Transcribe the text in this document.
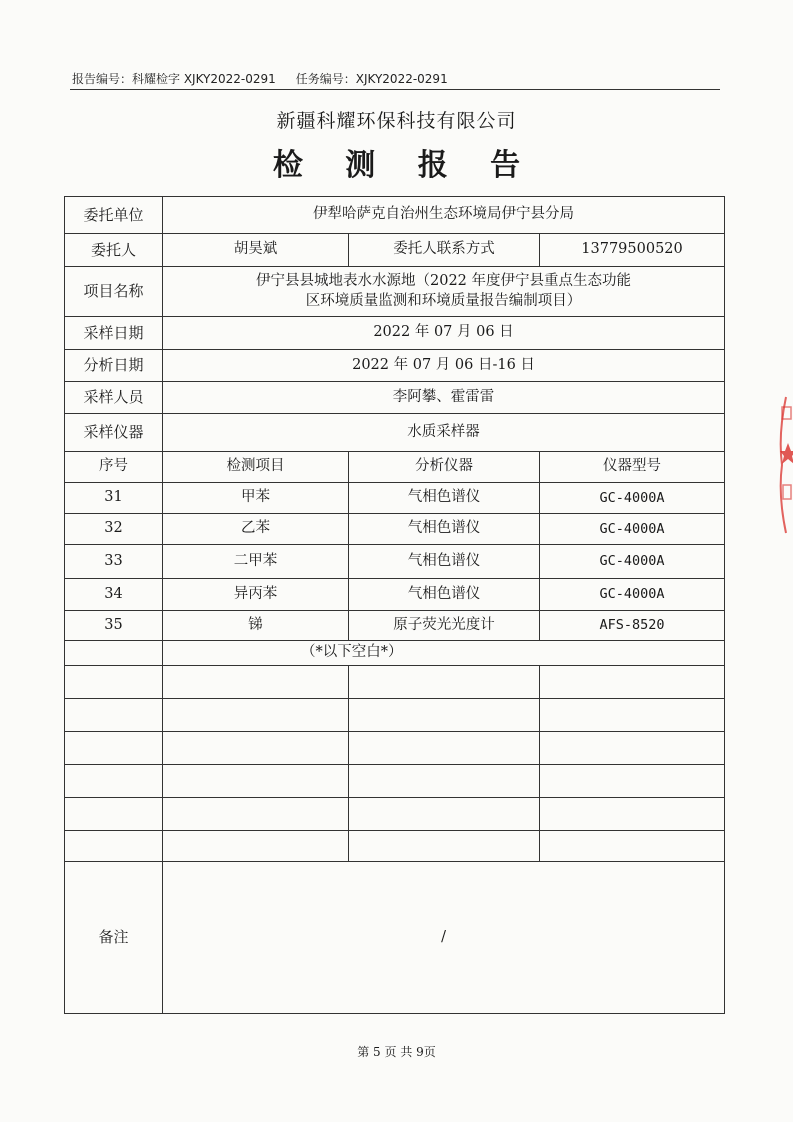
报告编号：科耀检字 XJKY2022-0291 任务编号：XJKY2022-0291
新疆科耀环保科技有限公司
检 测 报 告
委托单位	伊犁哈萨克自治州生态环境局伊宁县分局		
委托人	胡昊斌	委托人联系方式	13779500520
项目名称	伊宁县县城地表水水源地（2022 年度伊宁县重点生态功能
区环境质量监测和环境质量报告编制项目）		

采样日期	2022 年 07 月 06 日		
分析日期	2022 年 07 月 06 日-16 日		
采样人员	李阿攀、霍雷雷		
采样仪器	水质采样器		
序号	检测项目	分析仪器	仪器型号
31	甲苯	气相色谱仪	GC-4000A
32	乙苯	气相色谱仪	GC-4000A
33	二甲苯	气相色谱仪	GC-4000A
34	异丙苯	气相色谱仪	GC-4000A
35	锑	原子荧光光度计	AFS-8520
	（*以下空白*）		

备注	/		
第 5 页 共 9页
